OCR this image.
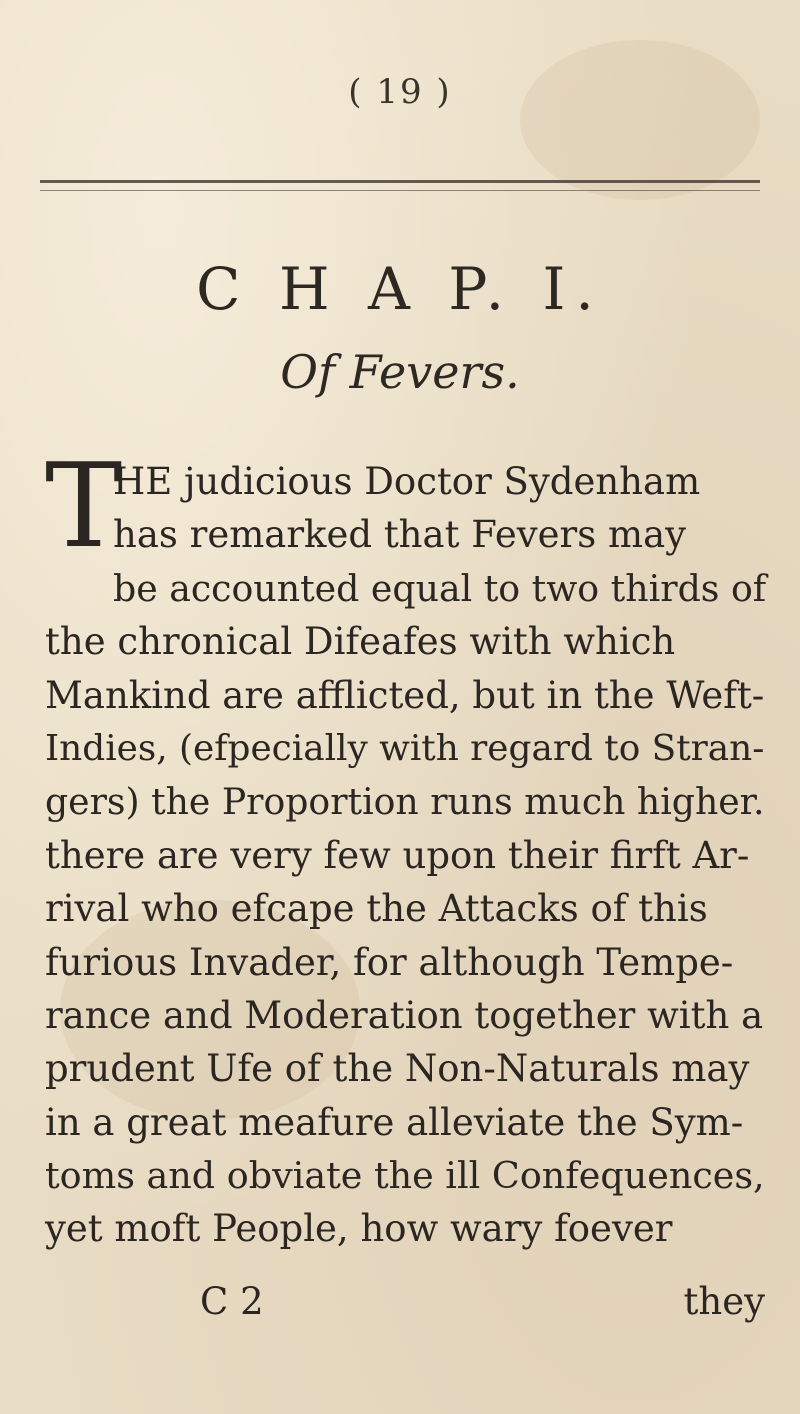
( 19 )
C H A P. I.
Of Fevers.
T
HE judicious Doctor Sydenham
has remarked that Fevers may
be accounted equal to two thirds of
the chronical Difeafes with which
Mankind are afflicted, but in the Weft-
Indies, (efpecially with regard to Stran-
gers) the Proportion runs much higher.
there are very few upon their firft Ar-
rival who efcape the Attacks of this
furious Invader, for although Tempe-
rance and Moderation together with a
prudent Ufe of the Non-Naturals may
in a great meafure alleviate the Sym-
toms and obviate the ill Confequences,
yet moft People, how wary foever
C 2	they
